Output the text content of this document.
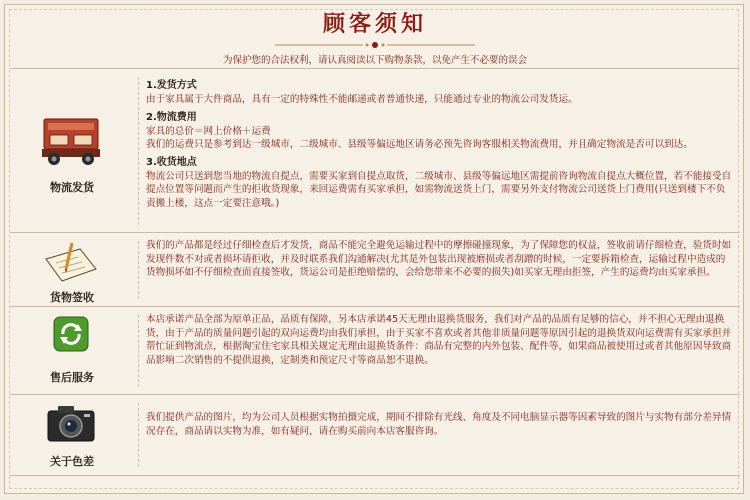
顾客须知
为保护您的合法权利，请认真阅读以下购物条款，以免产生不必要的误会
物流发货

1.发货方式

由于家具属于大件商品，具有一定的特殊性不能邮递或者普通快递，只能通过专业的物流公司发货运。

2.物流费用

家具的总价＝网上价格＋运费

我们的运费只是参考到达一级城市，二级城市、县级等偏远地区请务必预先咨询客服相关物流费用，并且确定物流是否可以到达。

3.收货地点

物流公司只送到您当地的物流自提点，需要买家到自提点取货，二级城市、县级等偏远地区需提前咨询物流自提点大概位置，若不能接受自提点位置等问题而产生的拒收货现象，来回运费需有买家承担，如需物流送货上门，需要另外支付物流公司送货上门费用(只送到楼下不负责搬上楼，这点一定要注意哦。)

货物签收

我们的产品都是经过仔细检查后才发货，商品不能完全避免运输过程中的摩擦碰撞现象，为了保障您的权益，签收前请仔细检查，验货时如发现件数不对或者损坏请拒收，并及时联系我们沟通解决(尤其是外包装出现被磨损或者刮蹭的时候，一定要拆箱检查，运输过程中造成的货物损坏如不仔细检查而直接签收，货运公司是拒绝赔偿的，会给您带来不必要的损失)如买家无理由拒签，产生的运费均由买家承担。

售后服务

本店承诺产品全部为原单正品，品质有保障，另本店承诺45天无理由退换货服务，我们对产品的品质有足够的信心，并不担心无理由退换货，由于产品的质量问题引起的双向运费均由我们承担，由于买家不喜欢或者其他非质量问题等原因引起的退换货双向运费需有买家承担并帮忙证到物流点，根据淘宝住宅家具相关规定无理由退换货条件：商品有完整的内外包装、配件等，如果商品被使用过或者其他原因导致商品影响二次销售的不提供退换，定制类和预定尺寸等商品恕不退换。

关于色差

我们提供产品的图片，均为公司人员根据实物拍摄完成，期间不排除有光线、角度及不同电脑显示器等因素导致的图片与实物有部分差异情况存在，商品请以实物为准，如有疑问，请在购买前向本店客服咨询。
